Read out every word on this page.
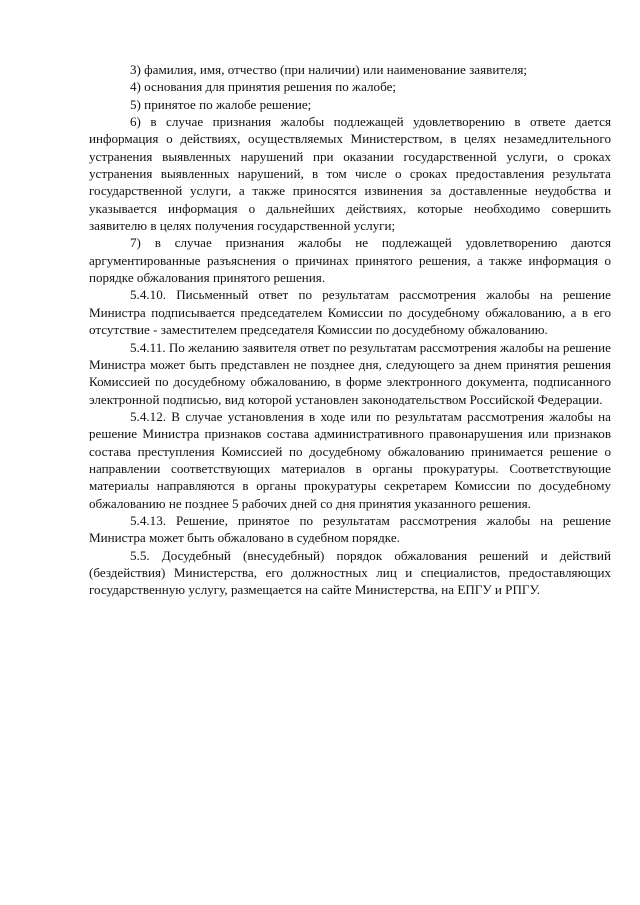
3) фамилия, имя, отчество (при наличии) или наименование заявителя;

4) основания для принятия решения по жалобе;

5) принятое по жалобе решение;

6) в случае признания жалобы подлежащей удовлетворению в ответе дается информация о действиях, осуществляемых Министерством, в целях незамедлительного устранения выявленных нарушений при оказании государственной услуги, о сроках устранения выявленных нарушений, в том числе о сроках предоставления результата государственной услуги, а также приносятся извинения за доставленные неудобства и указывается информация о дальнейших действиях, которые необходимо совершить заявителю в целях получения государственной услуги;

7) в случае признания жалобы не подлежащей удовлетворению даются аргументированные разъяснения о причинах принятого решения, а также информация о порядке обжалования принятого решения.

5.4.10. Письменный ответ по результатам рассмотрения жалобы на решение Министра подписывается председателем Комиссии по досудебному обжалованию, а в его отсутствие - заместителем председателя Комиссии по досудебному обжалованию.

5.4.11. По желанию заявителя ответ по результатам рассмотрения жалобы на решение Министра может быть представлен не позднее дня, следующего за днем принятия решения Комиссией по досудебному обжалованию, в форме электронного документа, подписанного электронной подписью, вид которой установлен законодательством Российской Федерации.

5.4.12. В случае установления в ходе или по результатам рассмотрения жалобы на решение Министра признаков состава административного правонарушения или признаков состава преступления Комиссией по досудебному обжалованию принимается решение о направлении соответствующих материалов в органы прокуратуры. Соответствующие материалы направляются в органы прокуратуры секретарем Комиссии по досудебному обжалованию не позднее 5 рабочих дней со дня принятия указанного решения.

5.4.13. Решение, принятое по результатам рассмотрения жалобы на решение Министра может быть обжаловано в судебном порядке.

5.5. Досудебный (внесудебный) порядок обжалования решений и действий (бездействия) Министерства, его должностных лиц и специалистов, предоставляющих государственную услугу, размещается на сайте Министерства, на ЕПГУ и РПГУ.
